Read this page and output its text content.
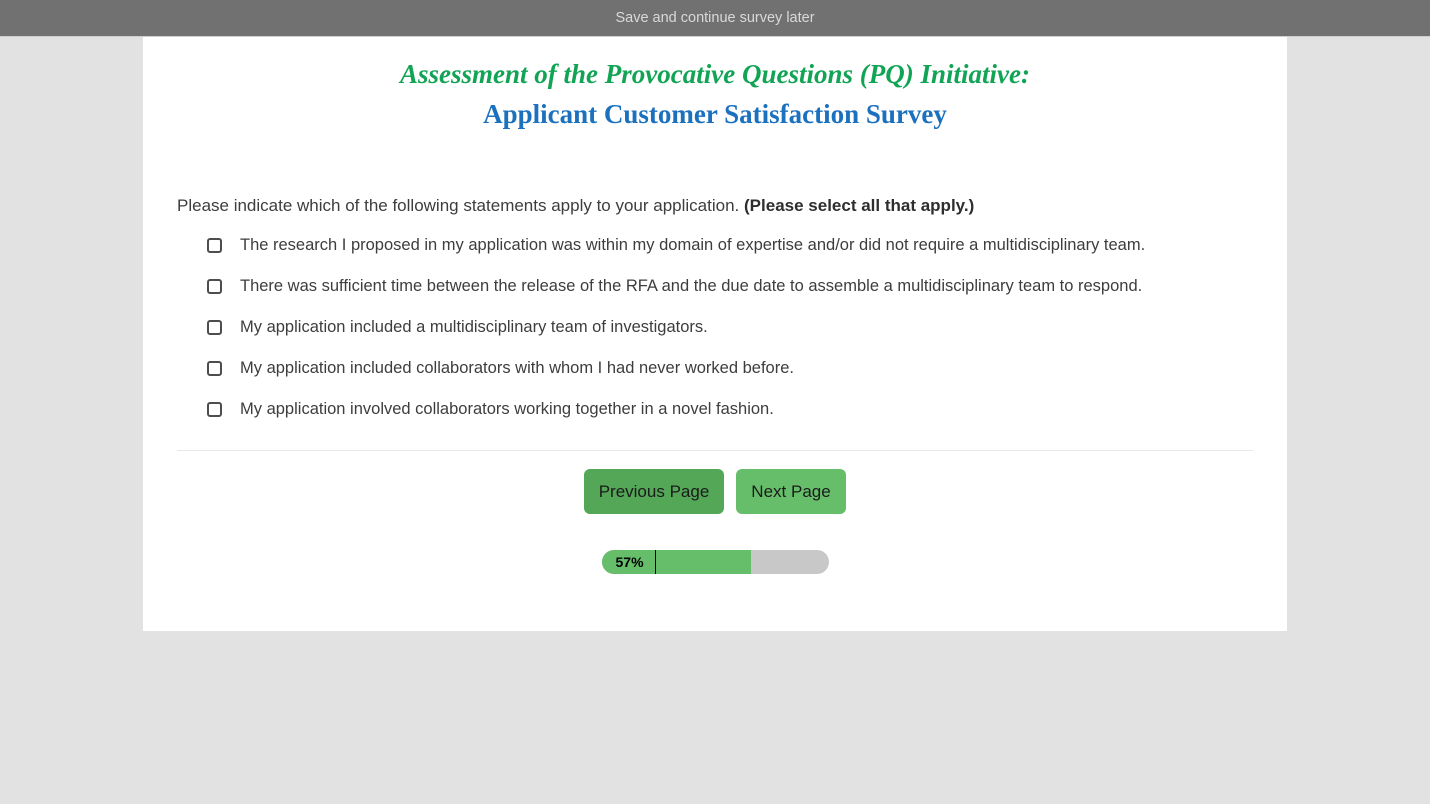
Save and continue survey later
Assessment of the Provocative Questions (PQ) Initiative:
Applicant Customer Satisfaction Survey
Please indicate which of the following statements apply to your application. (Please select all that apply.)
The research I proposed in my application was within my domain of expertise and/or did not require a multidisciplinary team.
There was sufficient time between the release of the RFA and the due date to assemble a multidisciplinary team to respond.
My application included a multidisciplinary team of investigators.
My application included collaborators with whom I had never worked before.
My application involved collaborators working together in a novel fashion.
Previous Page	Next Page
57%
